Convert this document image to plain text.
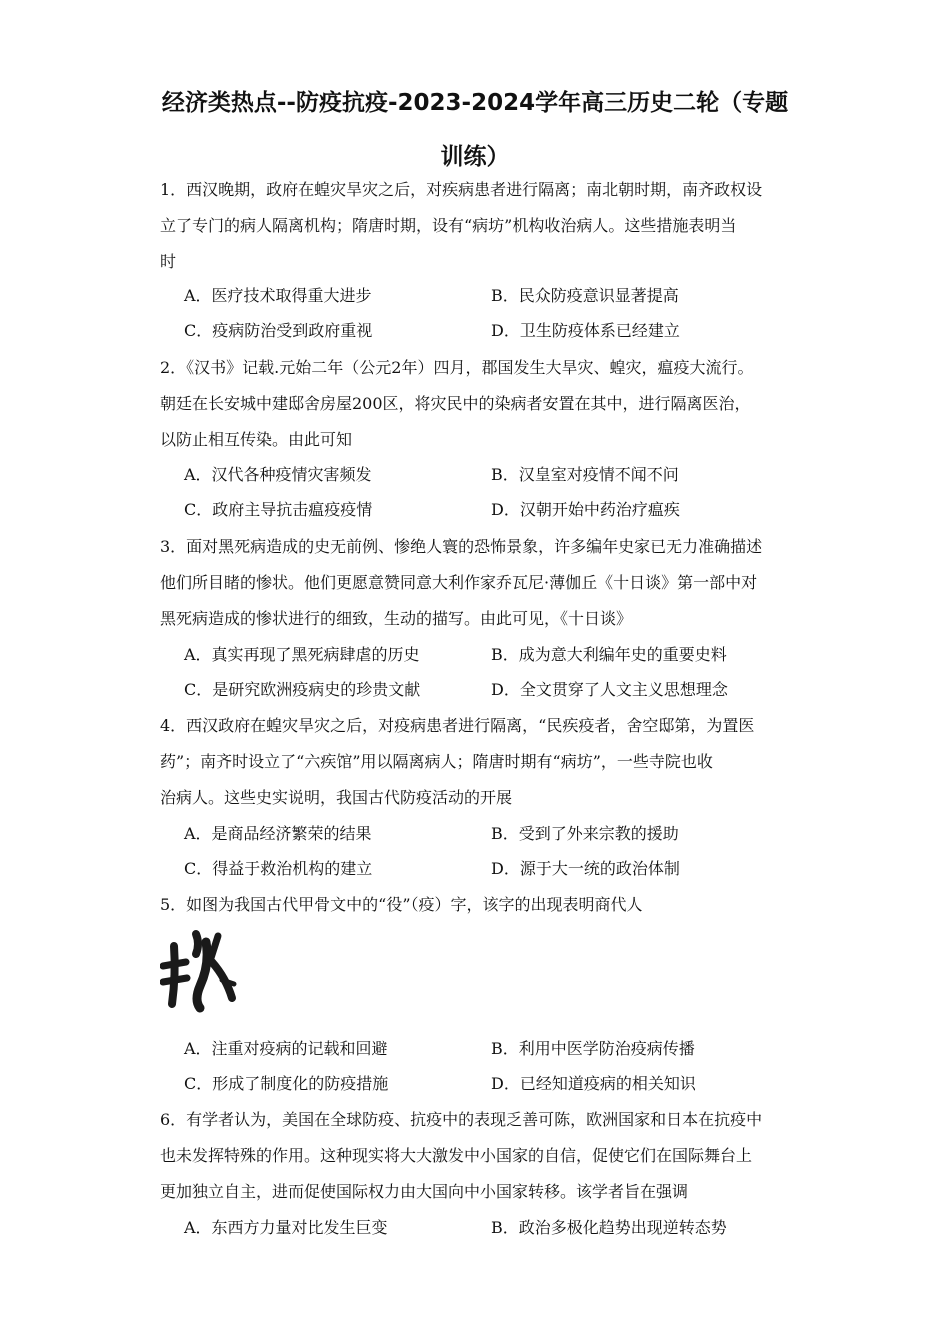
经济类热点--防疫抗疫-2023-2024学年高三历史二轮（专题
训练）
1．西汉晚期，政府在蝗灾旱灾之后，对疾病患者进行隔离；南北朝时期，南齐政权设
立了专门的病人隔离机构；隋唐时期，设有“病坊”机构收治病人。这些措施表明当
时
A．医疗技术取得重大进步	B．民众防疫意识显著提高
C．疫病防治受到政府重视	D．卫生防疫体系已经建立
2．《汉书》记载.元始二年（公元2年）四月，郡国发生大旱灾、蝗灾，瘟疫大流行。
朝廷在长安城中建邸舍房屋200区，将灾民中的染病者安置在其中，进行隔离医治，
以防止相互传染。由此可知
A．汉代各种疫情灾害频发	B．汉皇室对疫情不闻不问
C．政府主导抗击瘟疫疫情	D．汉朝开始中药治疗瘟疾
3．面对黑死病造成的史无前例、惨绝人寰的恐怖景象，许多编年史家已无力准确描述
他们所目睹的惨状。他们更愿意赞同意大利作家乔瓦尼·薄伽丘《十日谈》第一部中对
黑死病造成的惨状进行的细致，生动的描写。由此可见，《十日谈》
A．真实再现了黑死病肆虐的历史	B．成为意大利编年史的重要史料
C．是研究欧洲疫病史的珍贵文献	D．全文贯穿了人文主义思想理念
4．西汉政府在蝗灾旱灾之后，对疫病患者进行隔离，“民疾疫者，舍空邸第，为置医
药”；南齐时设立了“六疾馆”用以隔离病人；隋唐时期有“病坊”，一些寺院也收
治病人。这些史实说明，我国古代防疫活动的开展
A．是商品经济繁荣的结果	B．受到了外来宗教的援助
C．得益于救治机构的建立	D．源于大一统的政治体制
5．如图为我国古代甲骨文中的“役”（疫）字，该字的出现表明商代人
A．注重对疫病的记载和回避	B．利用中医学防治疫病传播
C．形成了制度化的防疫措施	D．已经知道疫病的相关知识
6．有学者认为，美国在全球防疫、抗疫中的表现乏善可陈，欧洲国家和日本在抗疫中
也未发挥特殊的作用。这种现实将大大激发中小国家的自信，促使它们在国际舞台上
更加独立自主，进而促使国际权力由大国向中小国家转移。该学者旨在强调
A．东西方力量对比发生巨变	B．政治多极化趋势出现逆转态势
